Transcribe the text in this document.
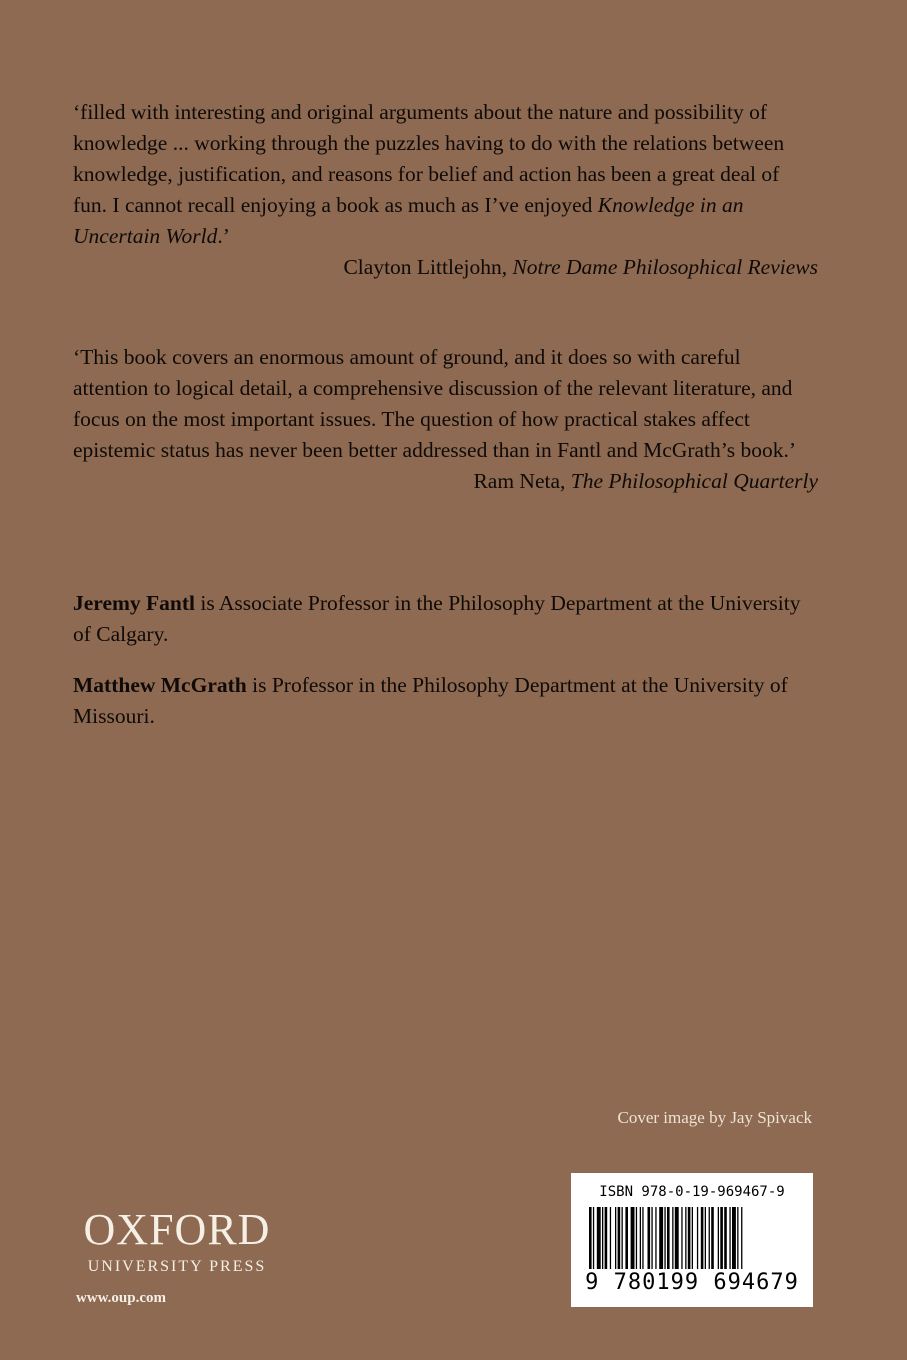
‘filled with interesting and original arguments about the nature and possibility of knowledge ... working through the puzzles having to do with the relations between knowledge, justification, and reasons for belief and action has been a great deal of fun. I cannot recall enjoying a book as much as I’ve enjoyed Knowledge in an Uncertain World.’

Clayton Littlejohn, Notre Dame Philosophical Reviews

‘This book covers an enormous amount of ground, and it does so with careful attention to logical detail, a comprehensive discussion of the relevant literature, and focus on the most important issues. The question of how practical stakes affect epistemic status has never been better addressed than in Fantl and McGrath’s book.’

Ram Neta, The Philosophical Quarterly

Jeremy Fantl is Associate Professor in the Philosophy Department at the University of Calgary.

Matthew McGrath is Professor in the Philosophy Department at the University of Missouri.

Cover image by Jay Spivack

OXFORD
UNIVERSITY PRESS

www.oup.com

ISBN 978-0-19-969467-9
9 780199 694679
